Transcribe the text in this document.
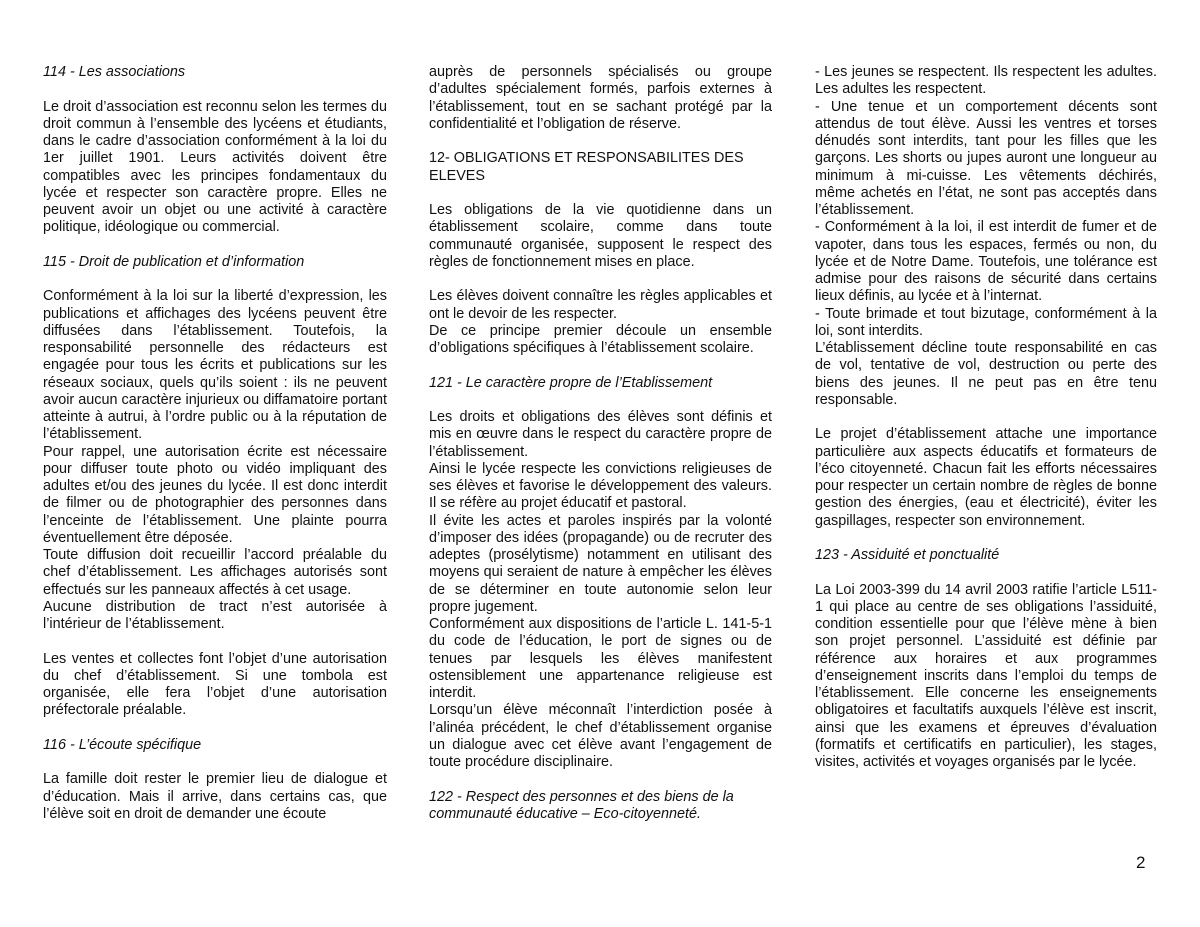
114 - Les associations

Le droit d’association est reconnu selon les termes du droit commun à l’ensemble des lycéens et étudiants, dans le cadre d’association conformément à la loi du 1er juillet 1901. Leurs activités doivent être compatibles avec les principes fondamentaux du lycée et respecter son caractère propre. Elles ne peuvent avoir un objet ou une activité à caractère politique, idéologique ou commercial.

115 - Droit de publication et d’information

Conformément à la loi sur la liberté d’expression, les publications et affichages des lycéens peuvent être diffusées dans l’établissement. Toutefois, la responsabilité personnelle des rédacteurs est engagée pour tous les écrits et publications sur les réseaux sociaux, quels qu’ils soient : ils ne peuvent avoir aucun caractère injurieux ou diffamatoire portant atteinte à autrui, à l’ordre public ou à la réputation de l’établissement.

Pour rappel, une autorisation écrite est nécessaire pour diffuser toute photo ou vidéo impliquant des adultes et/ou des jeunes du lycée. Il est donc interdit de filmer ou de photographier des personnes dans l’enceinte de l’établissement. Une plainte pourra éventuellement être déposée.

Toute diffusion doit recueillir l’accord préalable du chef d’établissement. Les affichages autorisés sont effectués sur les panneaux affectés à cet usage.

Aucune distribution de tract n’est autorisée à l’intérieur de l’établissement.

Les ventes et collectes font l’objet d’une autorisation du chef d’établissement. Si une tombola est organisée, elle fera l’objet d’une autorisation préfectorale préalable.

116 - L’écoute spécifique

La famille doit rester le premier lieu de dialogue et d’éducation. Mais il arrive, dans certains cas, que l’élève soit en droit de demander une écoute

auprès de personnels spécialisés ou groupe d’adultes spécialement formés, parfois externes à l’établissement, tout en se sachant protégé par la confidentialité et l’obligation de réserve.

12- OBLIGATIONS ET RESPONSABILITES DES ELEVES

Les obligations de la vie quotidienne dans un établissement scolaire, comme dans toute communauté organisée, supposent le respect des règles de fonctionnement mises en place.

Les élèves doivent connaître les règles applicables et ont le devoir de les respecter.

De ce principe premier découle un ensemble d’obligations spécifiques à l’établissement scolaire.

121 - Le caractère propre de l’Etablissement

Les droits et obligations des élèves sont définis et mis en œuvre dans le respect du caractère propre de l’établissement.

Ainsi le lycée respecte les convictions religieuses de ses élèves et favorise le développement des valeurs. Il se réfère au projet éducatif et pastoral.

Il évite les actes et paroles inspirés par la volonté d’imposer des idées (propagande) ou de recruter des adeptes (prosélytisme) notamment en utilisant des moyens qui seraient de nature à empêcher les élèves de se déterminer en toute autonomie selon leur propre jugement.

Conformément aux dispositions de l’article L. 141-5-1 du code de l’éducation, le port de signes ou de tenues par lesquels les élèves manifestent ostensiblement une appartenance religieuse est interdit.

Lorsqu’un élève méconnaît l’interdiction posée à l’alinéa précédent, le chef d’établissement organise un dialogue avec cet élève avant l’engagement de toute procédure disciplinaire.

122 - Respect des personnes et des biens de la communauté éducative – Eco-citoyenneté.

- Les jeunes se respectent. Ils respectent les adultes. Les adultes les respectent.

- Une tenue et un comportement décents sont attendus de tout élève. Aussi les ventres et torses dénudés sont interdits, tant pour les filles que les garçons. Les shorts ou jupes auront une longueur au minimum à mi-cuisse. Les vêtements déchirés, même achetés en l’état, ne sont pas acceptés dans l’établissement.

- Conformément à la loi, il est interdit de fumer et de vapoter, dans tous les espaces, fermés ou non, du lycée et de Notre Dame. Toutefois, une tolérance est admise pour des raisons de sécurité dans certains lieux définis, au lycée et à l’internat.

- Toute brimade et tout bizutage, conformément à la loi, sont interdits.

L’établissement décline toute responsabilité en cas de vol, tentative de vol, destruction ou perte des biens des jeunes. Il ne peut pas en être tenu responsable.

Le projet d’établissement attache une importance particulière aux aspects éducatifs et formateurs de l’éco citoyenneté. Chacun fait les efforts nécessaires pour respecter un certain nombre de règles de bonne gestion des énergies, (eau et électricité), éviter les gaspillages, respecter son environnement.

123 - Assiduité et ponctualité

La Loi 2003-399 du 14 avril 2003 ratifie l’article L511-1 qui place au centre de ses obligations l’assiduité, condition essentielle pour que l’élève mène à bien son projet personnel. L’assiduité est définie par référence aux horaires et aux programmes d’enseignement inscrits dans l’emploi du temps de l’établissement. Elle concerne les enseignements obligatoires et facultatifs auxquels l’élève est inscrit, ainsi que les examens et épreuves d’évaluation (formatifs et certificatifs en particulier), les stages, visites, activités et voyages organisés par le lycée.

2
